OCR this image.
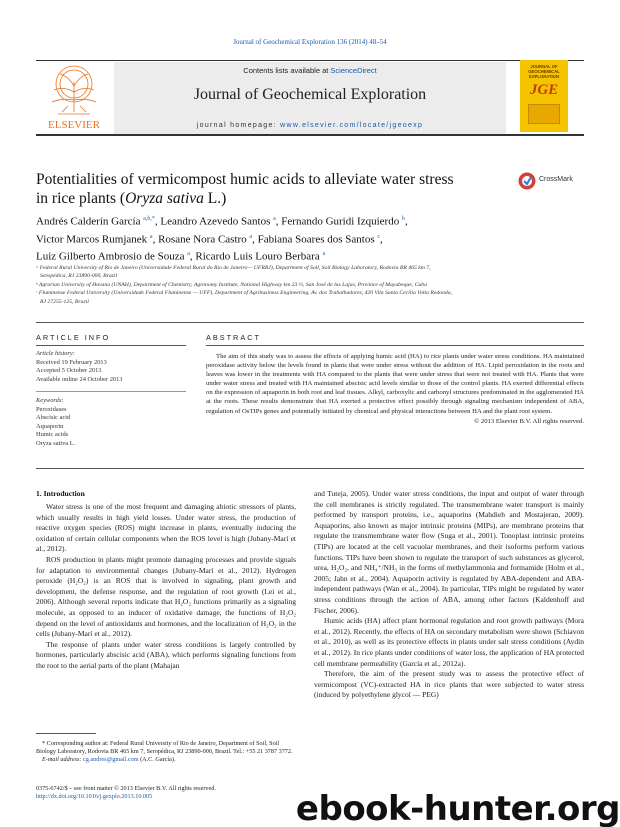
Journal of Geochemical Exploration 136 (2014) 48–54
ELSEVIER
Contents lists available at ScienceDirect
Journal of Geochemical Exploration
journal homepage: www.elsevier.com/locate/jgeoexp
JOURNAL OF GEOCHEMICAL EXPLORATION
JGE
Potentialities of vermicompost humic acids to alleviate water stress
in rice plants (Oryza sativa L.)
CrossMark
Andrés Calderín García $^{a,b,*}$, Leandro Azevedo Santos $^a$, Fernando Guridi Izquierdo $^b$,
Victor Marcos Rumjanek $^a$, Rosane Nora Castro $^a$, Fabiana Soares dos Santos $^c$,
Luiz Gilberto Ambrosio de Souza $^a$, Ricardo Luis Louro Berbara $^a$
ᵃ Federal Rural University of Rio de Janeiro (Universidade Federal Rural do Rio de Janeiro— UFRRJ), Department of Soil, Soil Biology Laboratory, Rodovia BR 465 km 7,
Seropédica, RJ 23890-000, Brazil
ᵇ Agrarian University of Havana (UNAH), Department of Chemistry, Agronomy Institute, National Highway km 23 ½, San José de las Lajas, Province of Mayabeque, Cuba
ᶜ Fluminense Federal University (Universidade Federal Fluminense — UFF), Department of Agribusiness Engineering, Av. dos Trabalhadores, 420 Vila Santa Cecília Volta Redonda,
RJ 27255-125, Brazil
ARTICLE INFO	ABSTRACT
Article history:
Received 19 February 2013
Accepted 5 October 2013
Available online 24 October 2013
Keywords:
Peroxidases
Abscisic acid
Aquaporin
Humic acids
Oryza sativa L.

The aim of this study was to assess the effects of applying humic acid (HA) to rice plants under water stress conditions. HA maintained peroxidase activity below the levels found in plants that were under stress without the addition of HA. Lipid peroxidation in the roots and leaves was lower in the treatments with HA compared to the plants that were under stress that were not treated with HA. Plants that were under water stress and treated with HA maintained abscisic acid levels similar to those of the control plants. HA exerted differential effects on the expression of aquaporin in both root and leaf tissues. Alkyl, carboxylic and carbonyl structures predominated in the agglomerated HA at the roots. These results demonstrate that HA exerted a protective effect possibly through signaling mechanism independent of ABA, regulation of OsTIPs genes and potentially initiated by chemical and physical interactions between HA and the plant root system.

© 2013 Elsevier B.V. All rights reserved.

1. Introduction

Water stress is one of the most frequent and damaging abiotic stressors of plants, which usually results in high yield losses. Under water stress, the production of reactive oxygen species (ROS) might increase in plants, eventually inducing the oxidation of certain cellular components when the ROS level is high (Jubany-Marí et al., 2012).

ROS production in plants might promote damaging processes and provide signals for adaptation to environmental changes (Jubany-Marí et al., 2012). Hydrogen peroxide (H₂O₂) is an ROS that is involved in signaling, plant growth and development, the defense response, and the regulation of root growth (Lei et al., 2006). Although several reports indicate that H₂O₂ functions primarily as a signaling molecule, as opposed to an inducer of oxidative damage, the functions of H₂O₂ depend on the level of antioxidants and hormones, and the localization of H₂O₂ in the cells (Jubany-Marí et al., 2012).

The response of plants under water stress conditions is largely controlled by hormones, particularly abscisic acid (ABA), which performs signaling functions from the root to the aerial parts of the plant (Mahajan

and Tuteja, 2005). Under water stress conditions, the input and output of water through the cell membranes is strictly regulated. The transmembrane water transport is mainly performed by transport proteins, i.e., aquaporins (Mahdieh and Mostajeran, 2009). Aquaporins, also known as major intrinsic proteins (MIPs), are membrane proteins that regulate the transmembrane water flow (Suga et al., 2001). Tonoplast intrinsic proteins (TIPs) are located at the cell vacuolar membranes, and their isoforms perform various functions. TIPs have been shown to regulate the transport of such substances as glycerol, urea, H₂O₂, and NH₄⁺/NH₃ in the forms of methylammonia and formamide (Holm et al., 2005; Jahn et al., 2004). Aquaporin activity is regulated by ABA-dependent and ABA-independent pathways (Wan et al., 2004). In particular, TIPs might be regulated by water stress conditions through the action of ABA, among other factors (Kaldenhoff and Fischer, 2006).

Humic acids (HA) affect plant hormonal regulation and root growth pathways (Mora et al., 2012). Recently, the effects of HA on secondary metabolism were shown (Schiavon et al., 2010), as well as its protective effects in plants under salt stress conditions (Aydin et al., 2012). In rice plants under conditions of water loss, the application of HA protected cell membrane permeability (García et al., 2012a).

Therefore, the aim of the present study was to assess the protective effect of vermicompost (VC)-extracted HA in rice plants that were subjected to water stress (induced by polyethylene glycol — PEG)

* Corresponding author at: Federal Rural University of Rio de Janeiro, Department of Soil, Soil Biology Laboratory, Rodovia BR 465 km 7, Seropédica, RJ 23890-000, Brazil. Tel.: +55 21 3787 3772.
E-mail address: cg.andres@gmail.com (A.C. García).
0375-6742/$ – see front matter © 2013 Elsevier B.V. All rights reserved.
http://dx.doi.org/10.1016/j.gexplo.2013.10.005	ebook-hunter.org
